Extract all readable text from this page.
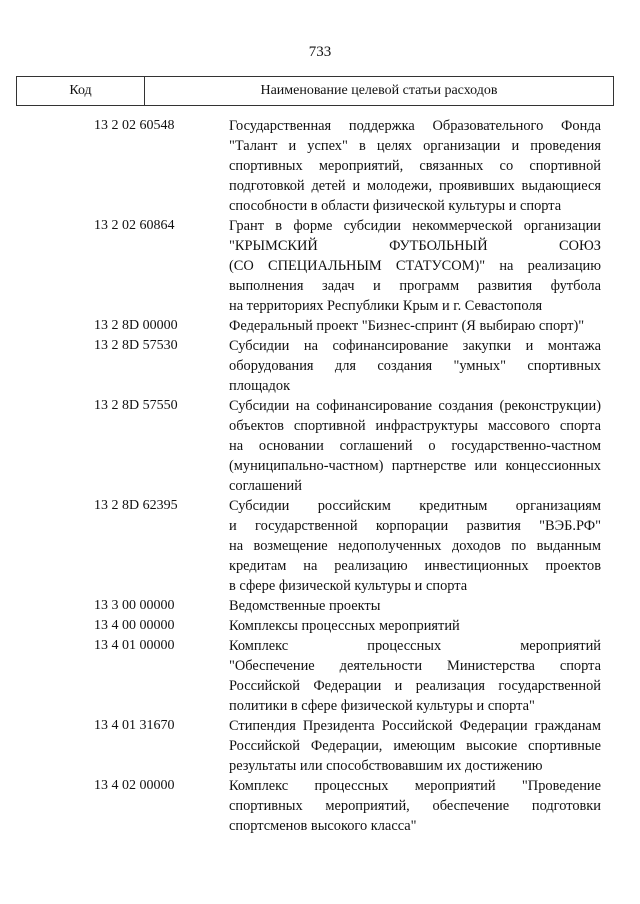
733
Код	Наименование целевой статьи расходов
13 2 02 60548	Государственная поддержка Образовательного Фонда
"Талант и успех" в целях организации и проведения
спортивных мероприятий, связанных со спортивной
подготовкой детей и молодежи, проявивших выдающиеся
способности в области физической культуры и спорта
13 2 02 60864	Грант в форме субсидии некоммерческой организации
"КРЫМСКИЙ ФУТБОЛЬНЫЙ СОЮЗ
(СО СПЕЦИАЛЬНЫМ СТАТУСОМ)" на реализацию
выполнения задач и программ развития футбола
на территориях Республики Крым и г. Севастополя
13 2 8D 00000	Федеральный проект "Бизнес-спринт (Я выбираю спорт)"
13 2 8D 57530	Субсидии на софинансирование закупки и монтажа
оборудования для создания "умных" спортивных
площадок
13 2 8D 57550	Субсидии на софинансирование создания (реконструкции)
объектов спортивной инфраструктуры массового спорта
на основании соглашений о государственно-частном
(муниципально-частном) партнерстве или концессионных
соглашений
13 2 8D 62395	Субсидии российским кредитным организациям
и государственной корпорации развития "ВЭБ.РФ"
на возмещение недополученных доходов по выданным
кредитам на реализацию инвестиционных проектов
в сфере физической культуры и спорта
13 3 00 00000	Ведомственные проекты
13 4 00 00000	Комплексы процессных мероприятий
13 4 01 00000	Комплекс процессных мероприятий
"Обеспечение деятельности Министерства спорта
Российской Федерации и реализация государственной
политики в сфере физической культуры и спорта"
13 4 01 31670	Стипендия Президента Российской Федерации гражданам
Российской Федерации, имеющим высокие спортивные
результаты или способствовавшим их достижению
13 4 02 00000	Комплекс процессных мероприятий "Проведение
спортивных мероприятий, обеспечение подготовки
спортсменов высокого класса"
